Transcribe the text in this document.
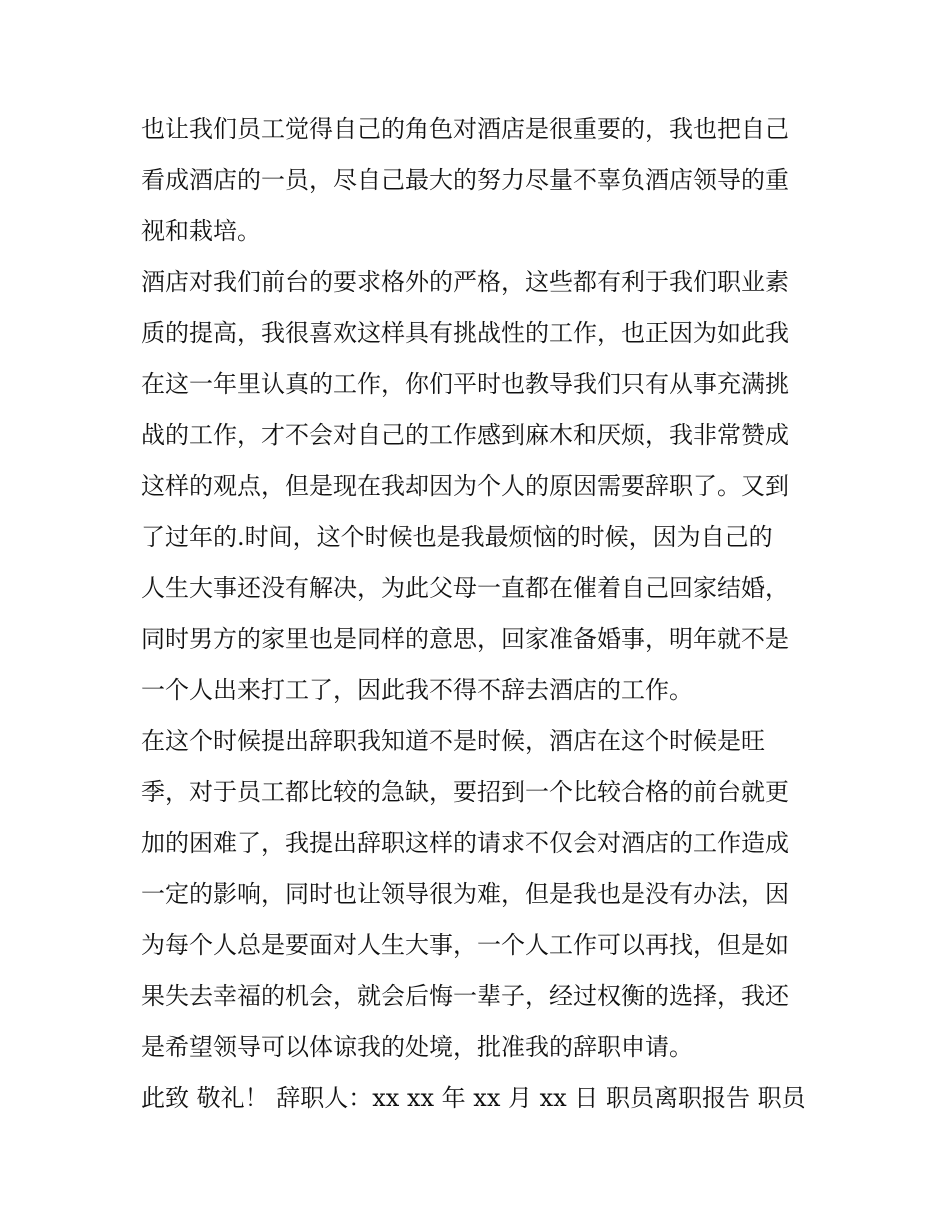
也让我们员工觉得自己的角色对酒店是很重要的，我也把自己
看成酒店的一员，尽自己最大的努力尽量不辜负酒店领导的重
视和栽培。
酒店对我们前台的要求格外的严格，这些都有利于我们职业素
质的提高，我很喜欢这样具有挑战性的工作，也正因为如此我
在这一年里认真的工作，你们平时也教导我们只有从事充满挑
战的工作，才不会对自己的工作感到麻木和厌烦，我非常赞成
这样的观点，但是现在我却因为个人的原因需要辞职了。又到
了过年的.时间，这个时候也是我最烦恼的时候，因为自己的
人生大事还没有解决，为此父母一直都在催着自己回家结婚，
同时男方的家里也是同样的意思，回家准备婚事，明年就不是
一个人出来打工了，因此我不得不辞去酒店的工作。
在这个时候提出辞职我知道不是时候，酒店在这个时候是旺
季，对于员工都比较的急缺，要招到一个比较合格的前台就更
加的困难了，我提出辞职这样的请求不仅会对酒店的工作造成
一定的影响，同时也让领导很为难，但是我也是没有办法，因
为每个人总是要面对人生大事，一个人工作可以再找，但是如
果失去幸福的机会，就会后悔一辈子，经过权衡的选择，我还
是希望领导可以体谅我的处境，批准我的辞职申请。
此致 敬礼！ 辞职人：xx xx 年 xx 月 xx 日 职员离职报告 职员
